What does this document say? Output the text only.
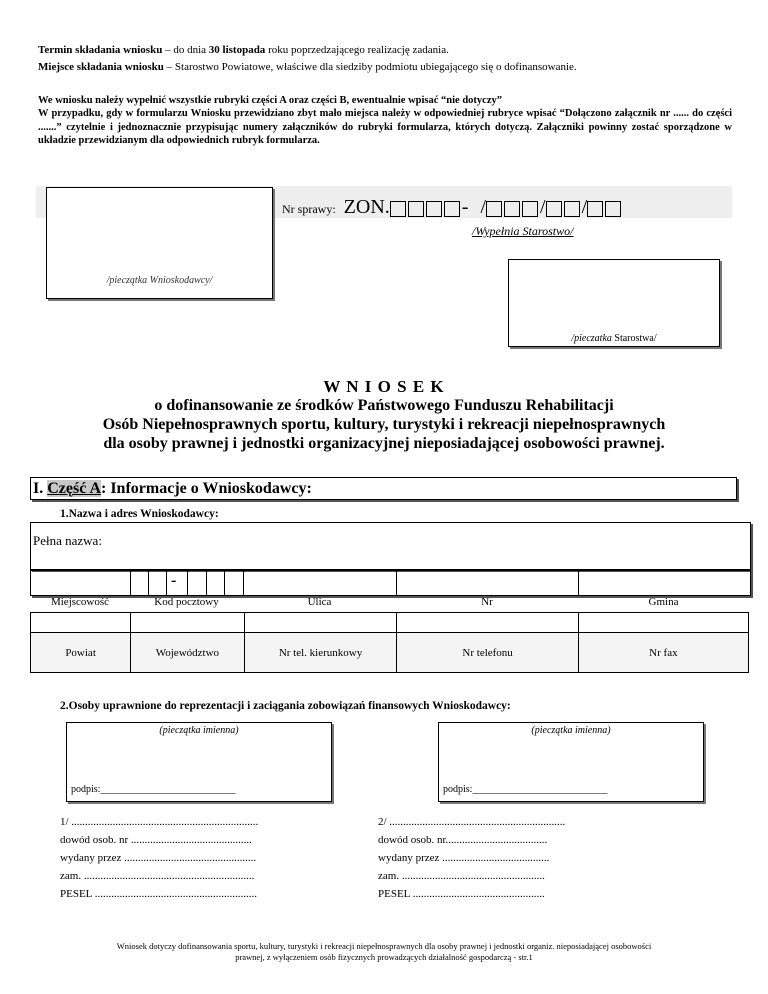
Termin składania wniosku – do dnia 30 listopada roku poprzedzającego realizację zadania.
Miejsce składania wniosku – Starostwo Powiatowe, właściwe dla siedziby podmiotu ubiegającego się o dofinansowanie.
We wniosku należy wypełnić wszystkie rubryki części A oraz części B, ewentualnie wpisać “nie dotyczy”
W przypadku, gdy w formularzu Wniosku przewidziano zbyt mało miejsca należy w odpowiedniej rubryce wpisać “Dołączono załącznik nr ...... do części .......” czytelnie i jednoznacznie przypisując numery załączników do rubryki formularza, których dotyczą. Załączniki powinny zostać sporządzone w układzie przewidzianym dla odpowiednich rubryk formularza.
/pieczątka Wnioskodawcy/
Nr sprawy: ZON.	- /	/ /
/Wypełnia Starostwo/
/pieczatka Starostwa/
W N I O S E K
o dofinansowanie ze środków Państwowego Funduszu Rehabilitacji
Osób Niepełnosprawnych sportu, kultury, turystyki i rekreacji niepełnosprawnych
dla osoby prawnej i jednostki organizacyjnej nieposiadającej osobowości prawnej.
I. Część A: Informacje o Wnioskodawcy:
1.Nazwa i adres Wnioskodawcy:
Pełna nazwa:
-
Miejscowość	Kod pocztowy	Ulica	Nr	Gmina

Powiat	Województwo	Nr tel. kierunkowy	Nr telefonu	Nr fax
2.Osoby uprawnione do reprezentacji i zaciągania zobowiązań finansowych Wnioskodawcy:
(pieczątka imienna)
podpis:___________________________
(pieczątka imienna)
podpis:___________________________
1/ ....................................................................
dowód osob. nr ............................................
wydany przez ................................................
zam. ..............................................................
PESEL ...........................................................
2/ ................................................................
dowód osob. nr.....................................
wydany przez .......................................
zam. ....................................................
PESEL ................................................
Wniosek dotyczy dofinansowania sportu, kultury, turystyki i rekreacji niepełnosprawnych dla osoby prawnej i jednostki organiz. nieposiadającej osobowości
prawnej, z wyłączeniem osób fizycznych prowadzących działalność gospodarczą - str.1
